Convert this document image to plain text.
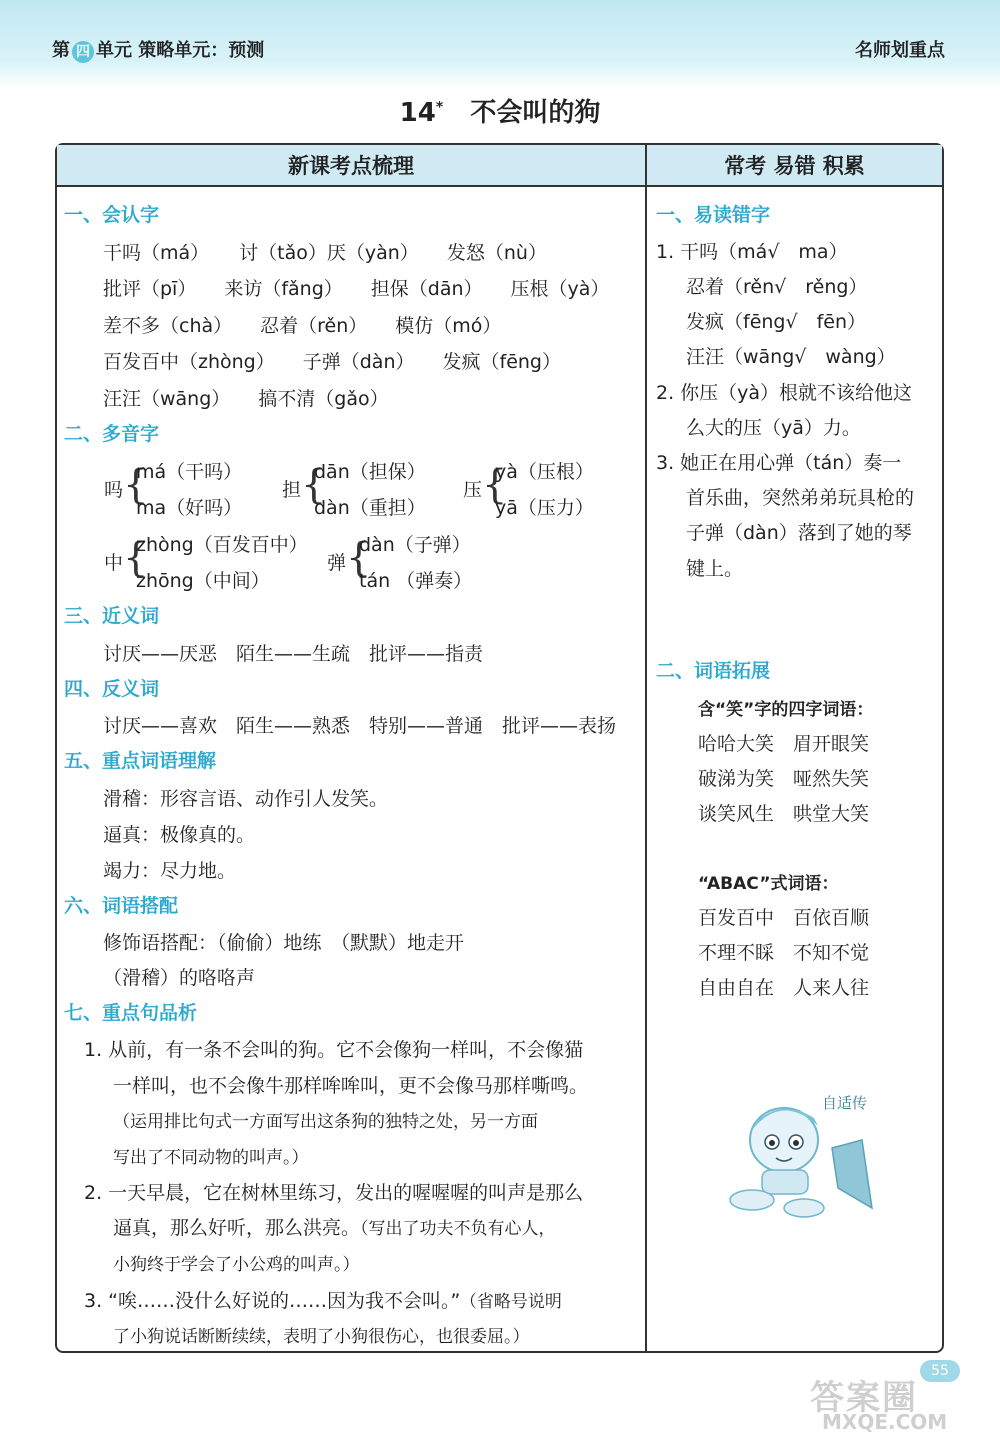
第 四 单元 策略单元：预测	名师划重点
14* 不会叫的狗
新课考点梳理	常考 易错 积累
一、会认字
干吗（má） 讨（tǎo）厌（yàn） 发怒（nù）
批评（pī） 来访（fǎng） 担保（dān） 压根（yà）
差不多（chà） 忍着（rěn） 模仿（mó）
百发百中（zhòng） 子弹（dàn） 发疯（fēng）
汪汪（wāng） 搞不清（gǎo）
二、多音字
吗 {
má（干吗）
ma（好吗）
担 {
dān（担保）
dàn（重担）
压 {
yà（压根）
yā（压力）
中 {
zhòng（百发百中）
zhōng（中间）
弹 {
dàn（子弹）
tán （弹奏）
三、近义词
讨厌——厌恶　陌生——生疏　批评——指责
四、反义词
讨厌——喜欢　陌生——熟悉　特别——普通　批评——表扬
五、重点词语理解
滑稽：形容言语、动作引人发笑。
逼真：极像真的。
竭力：尽力地。
六、词语搭配
修饰语搭配：（偷偷）地练　（默默）地走开
（滑稽）的咯咯声
七、重点句品析
1. 从前，有一条不会叫的狗。它不会像狗一样叫，不会像猫
一样叫，也不会像牛那样哞哞叫，更不会像马那样嘶鸣。
（运用排比句式一方面写出这条狗的独特之处，另一方面
写出了不同动物的叫声。）
2. 一天早晨，它在树林里练习，发出的喔喔喔的叫声是那么
逼真，那么好听，那么洪亮。（写出了功夫不负有心人，
小狗终于学会了小公鸡的叫声。）
3. “唉……没什么好说的……因为我不会叫。” （省略号说明
了小狗说话断断续续，表明了小狗很伤心，也很委屈。）
一、易读错字
1. 干吗（má√　ma）
忍着（rěn√　rěng）
发疯（fēng√　fēn）
汪汪（wāng√　wàng）
2. 你压（yà）根就不该给他这
么大的压（yā）力。
3. 她正在用心弹（tán）奏一
首乐曲，突然弟弟玩具枪的
子弹（dàn）落到了她的琴
键上。
二、词语拓展
含“笑”字的四字词语：
哈哈大笑　眉开眼笑
破涕为笑　哑然失笑
谈笑风生　哄堂大笑
“ABAC”式词语：
百发百中　百依百顺
不理不睬　不知不觉
自由自在　人来人往
自适传
答案圈
MXQE.COM
55
